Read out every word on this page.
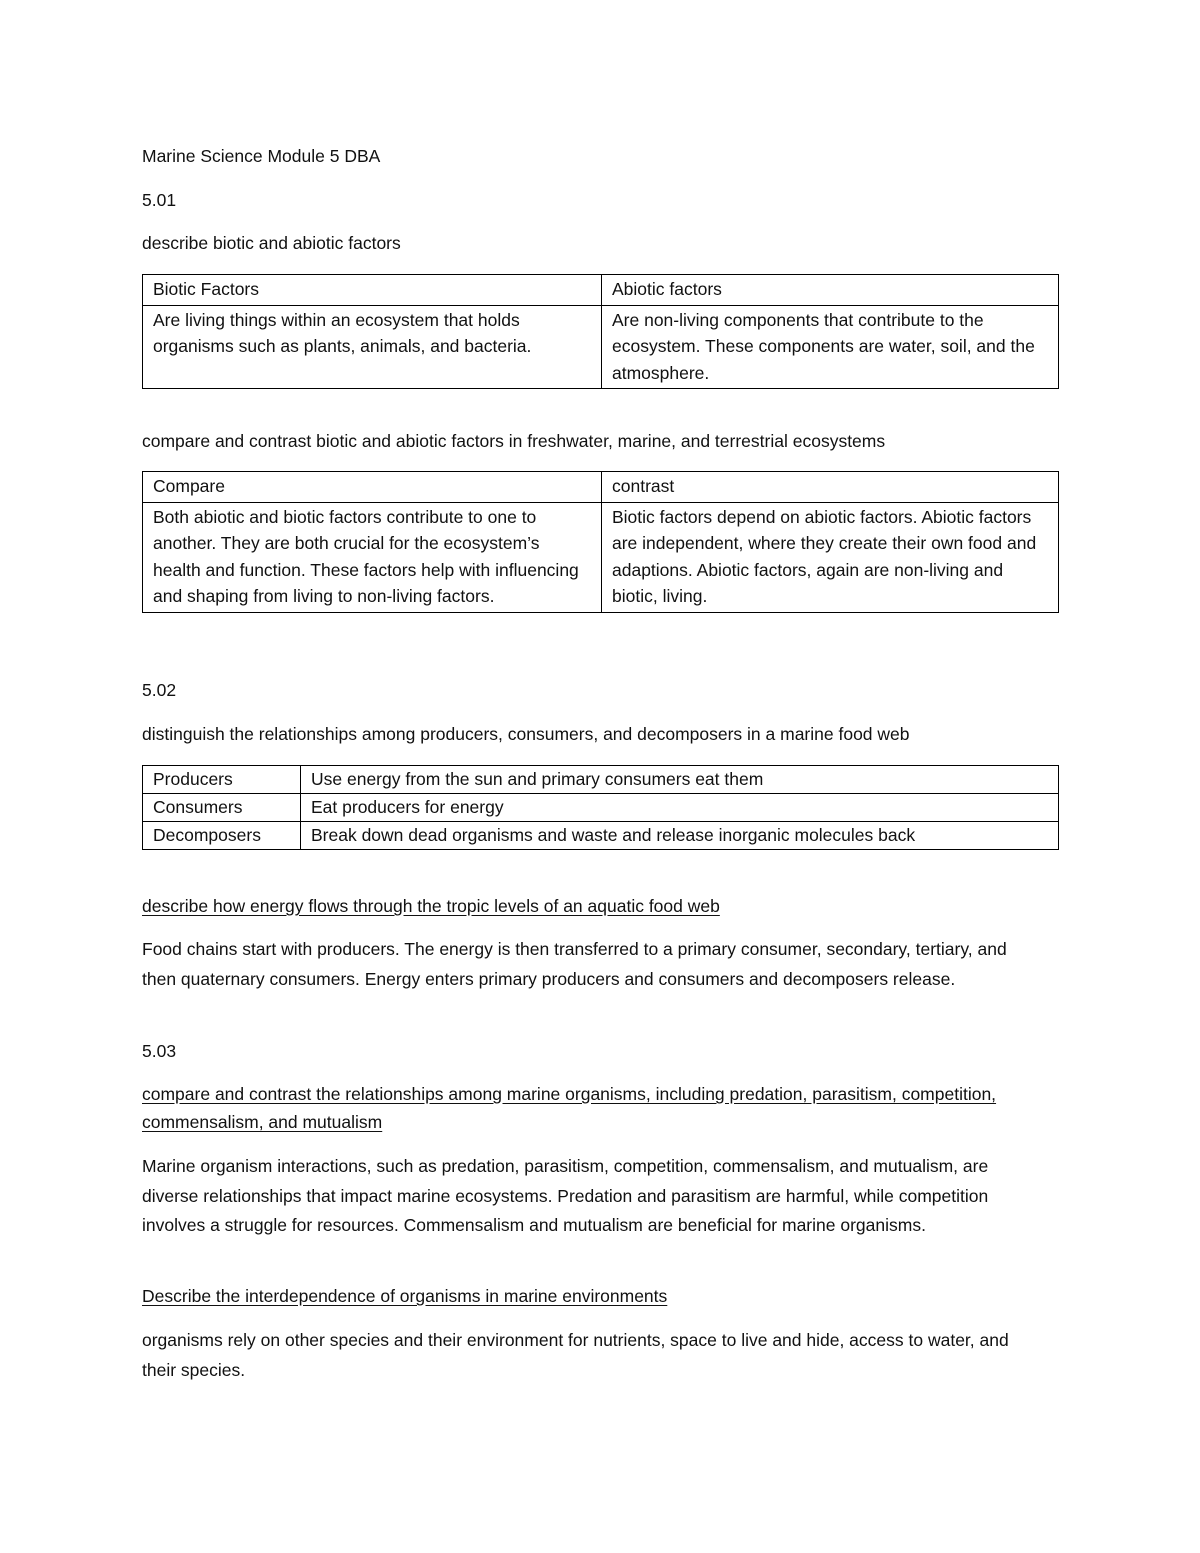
Marine Science Module 5 DBA
5.01
describe biotic and abiotic factors
Biotic Factors	Abiotic factors
Are living things within an ecosystem that holds organisms such as plants, animals, and bacteria.	Are non-living components that contribute to the ecosystem. These components are water, soil, and the atmosphere.
compare and contrast biotic and abiotic factors in freshwater, marine, and terrestrial ecosystems
Compare	contrast
Both abiotic and biotic factors contribute to one to another. They are both crucial for the ecosystem’s health and function. These factors help with influencing and shaping from living to non-living factors.	Biotic factors depend on abiotic factors. Abiotic factors are independent, where they create their own food and adaptions. Abiotic factors, again are non-living and biotic, living.
5.02
distinguish the relationships among producers, consumers, and decomposers in a marine food web
Producers	Use energy from the sun and primary consumers eat them
Consumers	Eat producers for energy
Decomposers	Break down dead organisms and waste and release inorganic molecules back
describe how energy flows through the tropic levels of an aquatic food web
Food chains start with producers. The energy is then transferred to a primary consumer, secondary, tertiary, and then quaternary consumers. Energy enters primary producers and consumers and decomposers release.
5.03
compare and contrast the relationships among marine organisms, including predation, parasitism, competition, commensalism, and mutualism
Marine organism interactions, such as predation, parasitism, competition, commensalism, and mutualism, are diverse relationships that impact marine ecosystems. Predation and parasitism are harmful, while competition involves a struggle for resources. Commensalism and mutualism are beneficial for marine organisms.
Describe the interdependence of organisms in marine environments
organisms rely on other species and their environment for nutrients, space to live and hide, access to water, and their species.
